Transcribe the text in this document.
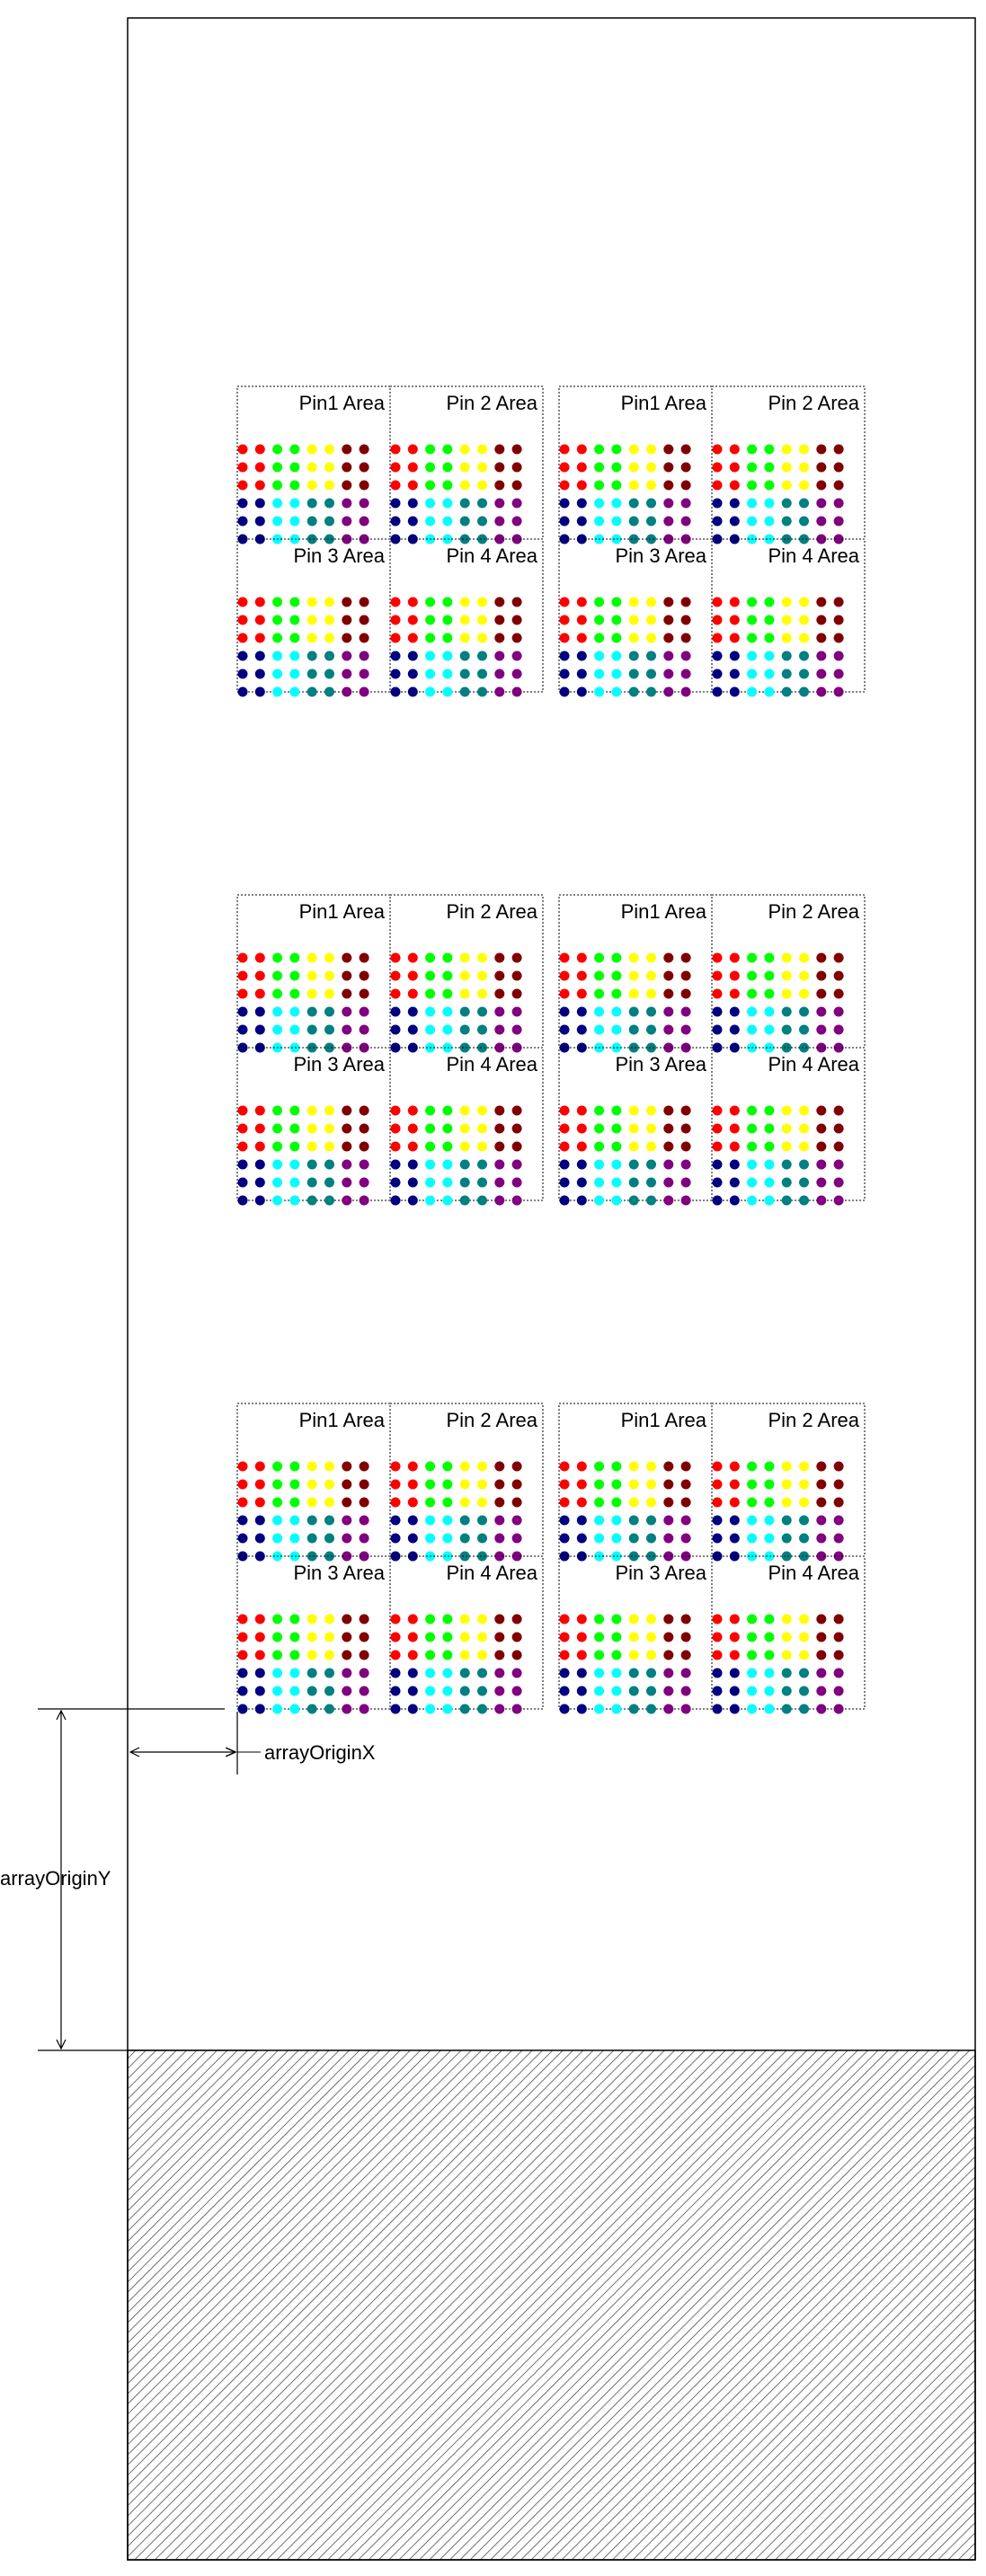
Pin1 Area	Pin 2 Area
Pin 3 Area	Pin 4 Area
Pin1 Area	Pin 2 Area
Pin 3 Area	Pin 4 Area
Pin1 Area	Pin 2 Area
Pin 3 Area	Pin 4 Area
Pin1 Area	Pin 2 Area
Pin 3 Area	Pin 4 Area
Pin1 Area	Pin 2 Area
Pin 3 Area	Pin 4 Area
Pin1 Area	Pin 2 Area
Pin 3 Area	Pin 4 Area
arrayOriginX
arrayOriginY
